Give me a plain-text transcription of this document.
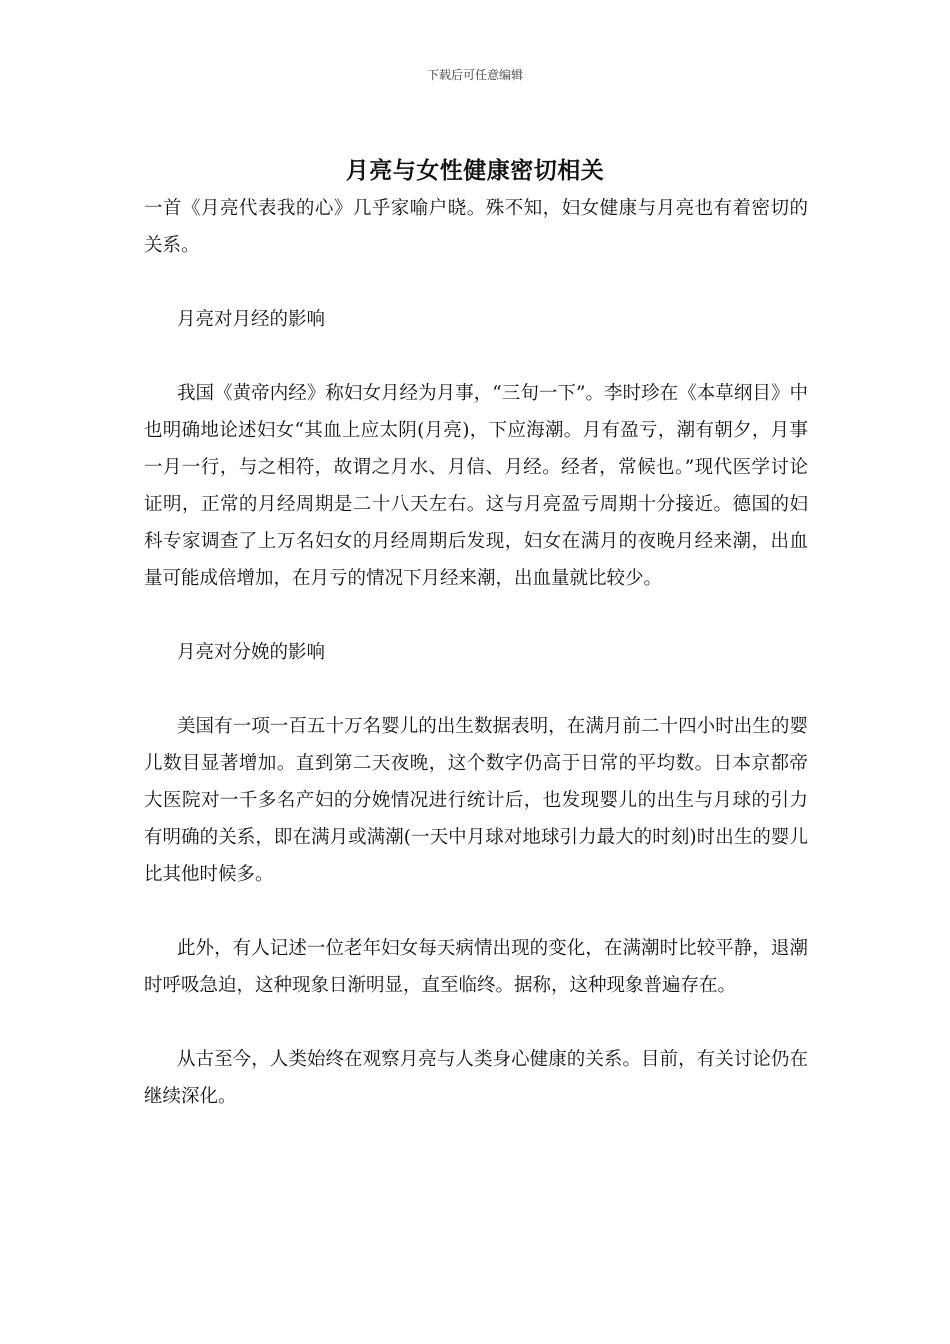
下载后可任意编辑
月亮与女性健康密切相关

一首《月亮代表我的心》几乎家喻户晓。殊不知，妇女健康与月亮也有着密切的关系。

月亮对月经的影响

我国《黄帝内经》称妇女月经为月事，“三旬一下”。李时珍在《本草纲目》中也明确地论述妇女“其血上应太阴(月亮)，下应海潮。月有盈亏，潮有朝夕，月事一月一行，与之相符，故谓之月水、月信、月经。经者，常候也。”现代医学讨论证明，正常的月经周期是二十八天左右。这与月亮盈亏周期十分接近。德国的妇科专家调查了上万名妇女的月经周期后发现，妇女在满月的夜晚月经来潮，出血量可能成倍增加，在月亏的情况下月经来潮，出血量就比较少。

月亮对分娩的影响

美国有一项一百五十万名婴儿的出生数据表明，在满月前二十四小时出生的婴儿数目显著增加。直到第二天夜晚，这个数字仍高于日常的平均数。日本京都帝大医院对一千多名产妇的分娩情况进行统计后，也发现婴儿的出生与月球的引力有明确的关系，即在满月或满潮(一天中月球对地球引力最大的时刻)时出生的婴儿比其他时候多。

此外，有人记述一位老年妇女每天病情出现的变化，在满潮时比较平静，退潮时呼吸急迫，这种现象日渐明显，直至临终。据称，这种现象普遍存在。

从古至今，人类始终在观察月亮与人类身心健康的关系。目前，有关讨论仍在继续深化。
